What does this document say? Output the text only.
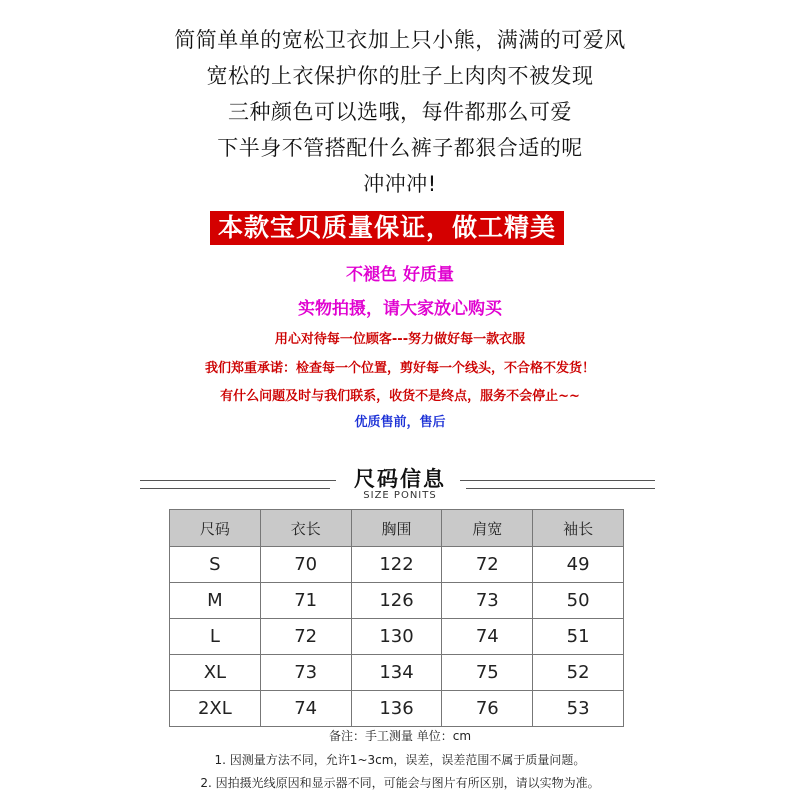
简简单单的宽松卫衣加上只小熊，满满的可爱风
宽松的上衣保护你的肚子上肉肉不被发现
三种颜色可以选哦，每件都那么可爱
下半身不管搭配什么裤子都狠合适的呢
冲冲冲!
本款宝贝质量保证，做工精美
不褪色 好质量
实物拍摄，请大家放心购买
用心对待每一位顾客---努力做好每一款衣服
我们郑重承诺：检查每一个位置，剪好每一个线头，不合格不发货！
有什么问题及时与我们联系，收货不是终点，服务不会停止~~
优质售前，售后
尺码信息
SIZE PONITS
尺码	衣长	胸围	肩宽	袖长
S	70	122	72	49
M	71	126	73	50
L	72	130	74	51
XL	73	134	75	52
2XL	74	136	76	53
备注：手工测量 单位：cm
1. 因测量方法不同，允许1~3cm，误差，误差范围不属于质量问题。
2. 因拍摄光线原因和显示器不同，可能会与图片有所区别，请以实物为准。
